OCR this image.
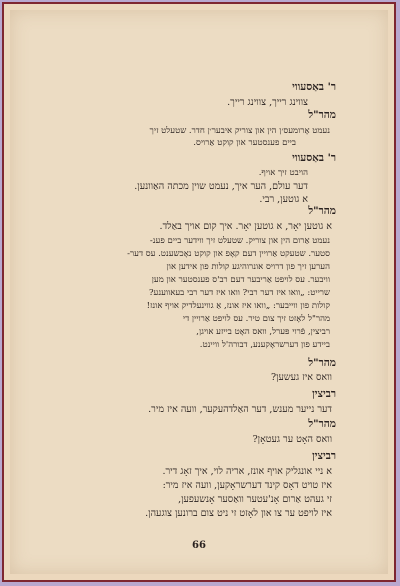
ר' באַסעווי
צווינג רייך, צווינג רייך.
מהר"ל
נעמט אָרומעס׳ן הין און צוריק איבער׳ן חדר. שטעלט זיך
ביים פענסטער און קוקט אַרויס.
ר' באַסעווי
הויבט זיך אויף.
דער עולם, הער איך, נעמט שוין מכתה האַוונען.
א גוטען, רבי.
מהר"ל
א גוטען יאָר, א גוטען יאָר. איך קום אויך באַלד.
נעמט אַרום הין און צוריק. שטעלט זיך ווידער ביים פענ-
סטער. שטעקט אַרויין דעם קאָפ און קוקט נאָכשענט. עס דער-
הערען זיך פון דרויס אונרוהיגע קולות פון אידען און
וויבער. עס לויפט אַריבער דעם רב'ס פענסטער און מען
שרייט: „וואו איז דער רבי? וואו איז דער רבי בעאווענע?
קולות פון ווייבער: „וואו איז אונז, אַ גווינעלדיק אויף אונז!
מהר"ל לאָזט זיך צום טיר. עס לויפט אַרויין די
רביצין, פֿרוי פּערל, וואס האָט בייזע אויגן,
ביידע פון דערשראָקענע, דבורה'ל וויינט.
מהר"ל
וואס איז געשען?
רביצין
דער נייער מענש, דער האַלדהעקער, וועה איז מיר.
מהר"ל
וואס האָט ער געטאָן?
רביצין
א ניי אונגליק אויף אונז, אריה לוי, איך זאָג דיר.
איז טויט דאָס קינד דערשראָקען, וועה איז מיר:
זי געהט אַרום אָנ'עטער וואַסער אָנשעפען,
איז לויפט ער צו און לאָזט זי ניט צום ברונען צוגעהן.
66
